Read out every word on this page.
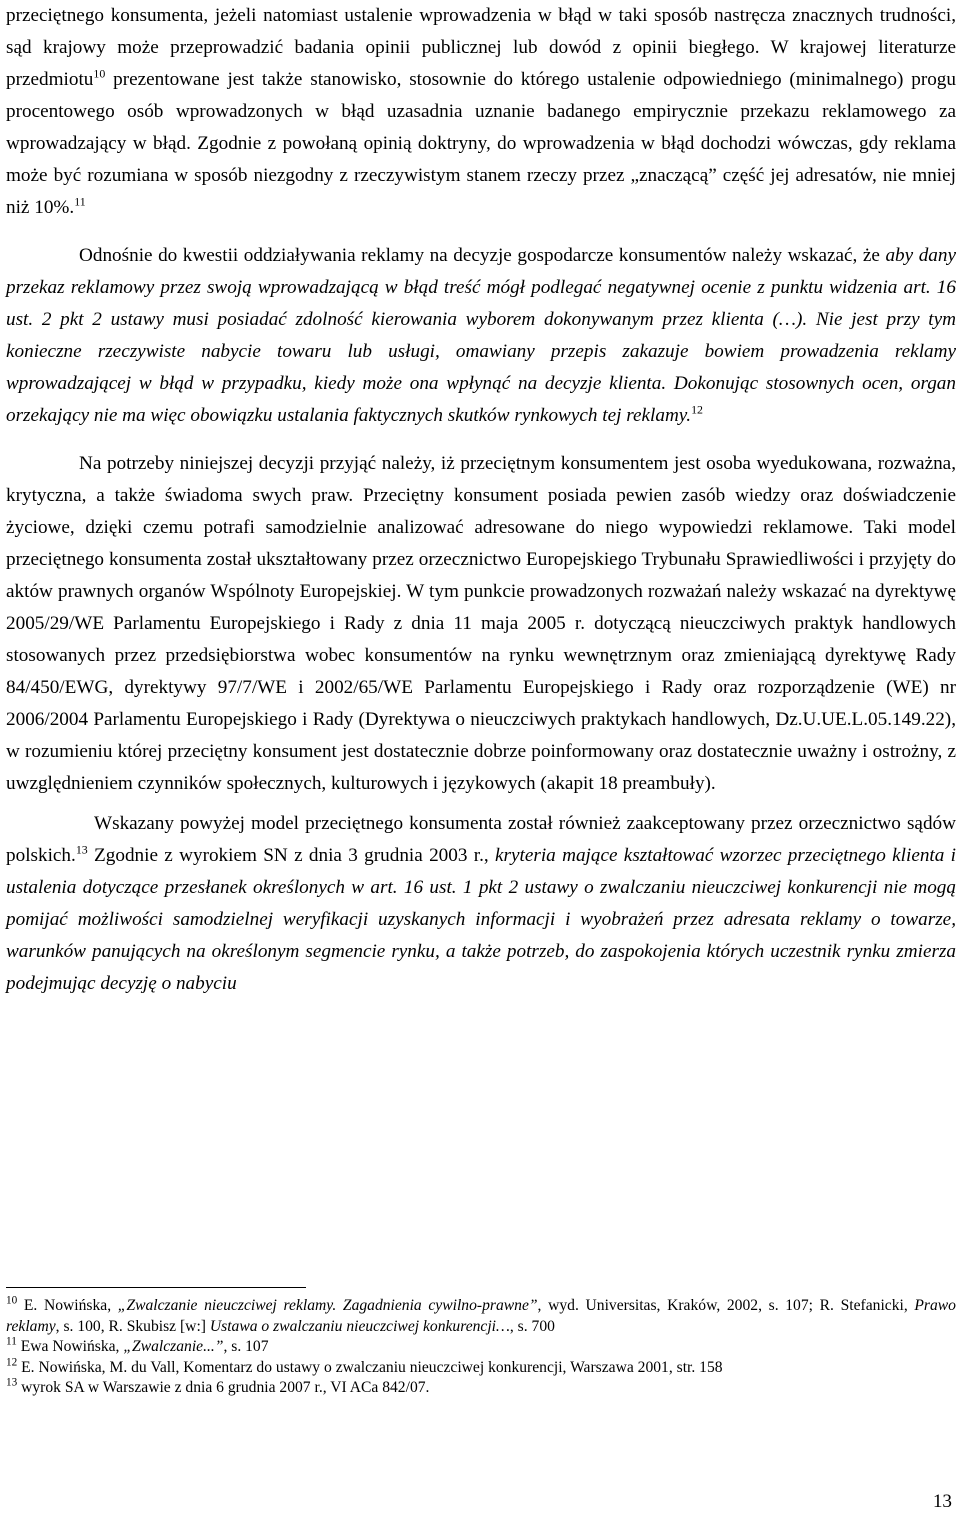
przeciętnego konsumenta, jeżeli natomiast ustalenie wprowadzenia w błąd w taki sposób nastręcza znacznych trudności, sąd krajowy może przeprowadzić badania opinii publicznej lub dowód z opinii biegłego. W krajowej literaturze przedmiotu$^{10}$ prezentowane jest także stanowisko, stosownie do którego ustalenie odpowiedniego (minimalnego) progu procentowego osób wprowadzonych w błąd uzasadnia uznanie badanego empirycznie przekazu reklamowego za wprowadzający w błąd. Zgodnie z powołaną opinią doktryny, do wprowadzenia w błąd dochodzi wówczas, gdy reklama może być rozumiana w sposób niezgodny z rzeczywistym stanem rzeczy przez „znaczącą” część jej adresatów, nie mniej niż 10%.$^{11}$

Odnośnie do kwestii oddziaływania reklamy na decyzje gospodarcze konsumentów należy wskazać, że aby dany przekaz reklamowy przez swoją wprowadzającą w błąd treść mógł podlegać negatywnej ocenie z punktu widzenia art. 16 ust. 2 pkt 2 ustawy musi posiadać zdolność kierowania wyborem dokonywanym przez klienta (…). Nie jest przy tym konieczne rzeczywiste nabycie towaru lub usługi, omawiany przepis zakazuje bowiem prowadzenia reklamy wprowadzającej w błąd w przypadku, kiedy może ona wpłynąć na decyzje klienta. Dokonując stosownych ocen, organ orzekający nie ma więc obowiązku ustalania faktycznych skutków rynkowych tej reklamy.$^{12}$

Na potrzeby niniejszej decyzji przyjąć należy, iż przeciętnym konsumentem jest osoba wyedukowana, rozważna, krytyczna, a także świadoma swych praw. Przeciętny konsument posiada pewien zasób wiedzy oraz doświadczenie życiowe, dzięki czemu potrafi samodzielnie analizować adresowane do niego wypowiedzi reklamowe. Taki model przeciętnego konsumenta został ukształtowany przez orzecznictwo Europejskiego Trybunału Sprawiedliwości i przyjęty do aktów prawnych organów Wspólnoty Europejskiej. W tym punkcie prowadzonych rozważań należy wskazać na dyrektywę 2005/29/WE Parlamentu Europejskiego i Rady z dnia 11 maja 2005 r. dotyczącą nieuczciwych praktyk handlowych stosowanych przez przedsiębiorstwa wobec konsumentów na rynku wewnętrznym oraz zmieniającą dyrektywę Rady 84/450/EWG, dyrektywy 97/7/WE i 2002/65/WE Parlamentu Europejskiego i Rady oraz rozporządzenie (WE) nr 2006/2004 Parlamentu Europejskiego i Rady (Dyrektywa o nieuczciwych praktykach handlowych, Dz.U.UE.L.05.149.22), w rozumieniu której przeciętny konsument jest dostatecznie dobrze poinformowany oraz dostatecznie uważny i ostrożny, z uwzględnieniem czynników społecznych, kulturowych i językowych (akapit 18 preambuły).

Wskazany powyżej model przeciętnego konsumenta został również zaakceptowany przez orzecznictwo sądów polskich.$^{13}$ Zgodnie z wyrokiem SN z dnia 3 grudnia 2003 r., kryteria mające kształtować wzorzec przeciętnego klienta i ustalenia dotyczące przesłanek określonych w art. 16 ust. 1 pkt 2 ustawy o zwalczaniu nieuczciwej konkurencji nie mogą pomijać możliwości samodzielnej weryfikacji uzyskanych informacji i wyobrażeń przez adresata reklamy o towarze, warunków panujących na określonym segmencie rynku, a także potrzeb, do zaspokojenia których uczestnik rynku zmierza podejmując decyzję o nabyciu

$^{10}$ E. Nowińska, „Zwalczanie nieuczciwej reklamy. Zagadnienia cywilno-prawne”, wyd. Universitas, Kraków, 2002, s. 107; R. Stefanicki, Prawo reklamy, s. 100, R. Skubisz [w:] Ustawa o zwalczaniu nieuczciwej konkurencji…, s. 700

$^{11}$ Ewa Nowińska, „Zwalczanie...”, s. 107

$^{12}$ E. Nowińska, M. du Vall, Komentarz do ustawy o zwalczaniu nieuczciwej konkurencji, Warszawa 2001, str. 158

$^{13}$ wyrok SA w Warszawie z dnia 6 grudnia 2007 r., VI ACa 842/07.

13
